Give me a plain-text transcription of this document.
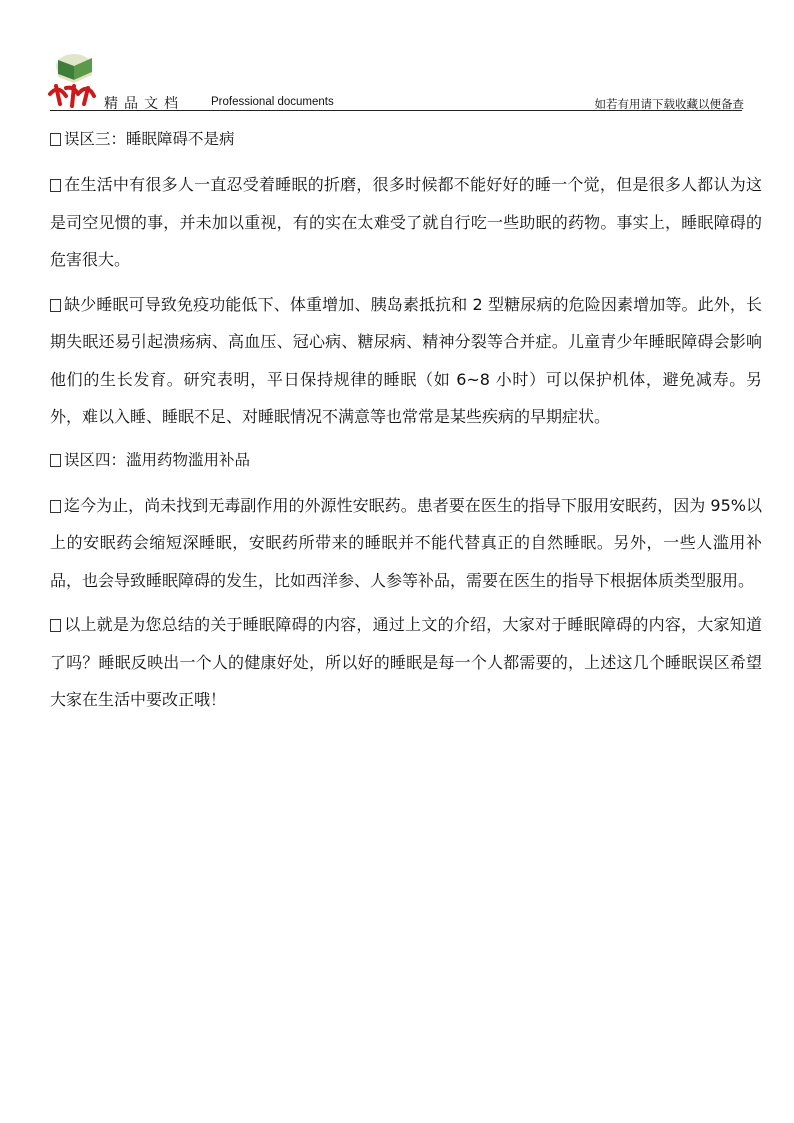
精品文档 Professional documents	如若有用请下载收藏以便备查

误区三：睡眠障碍不是病

在生活中有很多人一直忍受着睡眠的折磨，很多时候都不能好好的睡一个觉，但是很多人都认为这是司空见惯的事，并未加以重视，有的实在太难受了就自行吃一些助眠的药物。事实上，睡眠障碍的危害很大。

缺少睡眠可导致免疫功能低下、体重增加、胰岛素抵抗和 2 型糖尿病的危险因素增加等。此外，长期失眠还易引起溃疡病、高血压、冠心病、糖尿病、精神分裂等合并症。儿童青少年睡眠障碍会影响他们的生长发育。研究表明，平日保持规律的睡眠（如 6~8 小时）可以保护机体，避免减寿。另外，难以入睡、睡眠不足、对睡眠情况不满意等也常常是某些疾病的早期症状。

误区四：滥用药物滥用补品

迄今为止，尚未找到无毒副作用的外源性安眠药。患者要在医生的指导下服用安眠药，因为 95%以上的安眠药会缩短深睡眠，安眠药所带来的睡眠并不能代替真正的自然睡眠。另外，一些人滥用补品，也会导致睡眠障碍的发生，比如西洋参、人参等补品，需要在医生的指导下根据体质类型服用。

以上就是为您总结的关于睡眠障碍的内容，通过上文的介绍，大家对于睡眠障碍的内容，大家知道了吗？睡眠反映出一个人的健康好处，所以好的睡眠是每一个人都需要的，上述这几个睡眠误区希望大家在生活中要改正哦！
